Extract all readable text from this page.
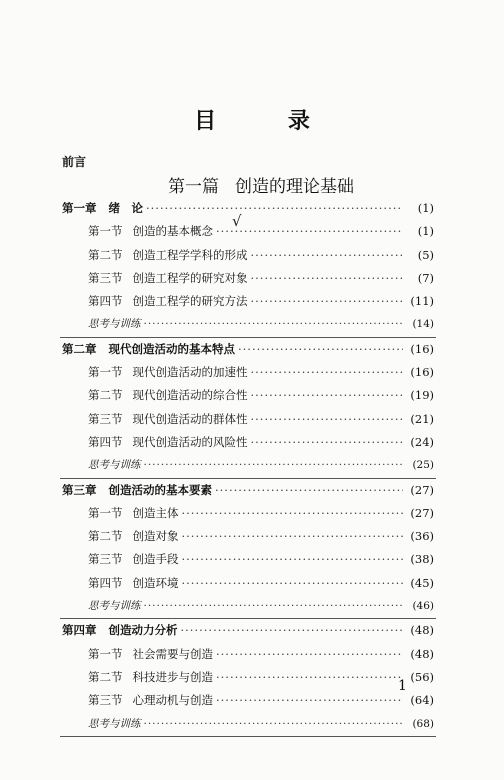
目 录
前言
第一篇 创造的理论基础
第一章 绪　论 ·····	(1)
第一节 创造的基本概念 ·····	(1)
第二节 创造工程学学科的形成 ·····	(5)
第三节 创造工程学的研究对象 ·····	(7)
第四节 创造工程学的研究方法 ·····	(11)
思考与训练 ·····	(14)
第二章 现代创造活动的基本特点 ·····	(16)
第一节 现代创造活动的加速性 ·····	(16)
第二节 现代创造活动的综合性 ·····	(19)
第三节 现代创造活动的群体性 ·····	(21)
第四节 现代创造活动的风险性 ·····	(24)
思考与训练 ·····	(25)
第三章 创造活动的基本要素 ·····	(27)
第一节 创造主体 ·····	(27)
第二节 创造对象 ·····	(36)
第三节 创造手段 ·····	(38)
第四节 创造环境 ·····	(45)
思考与训练 ·····	(46)
第四章 创造动力分析 ·····	(48)
第一节 社会需要与创造 ·····	(48)
第二节 科技进步与创造 ·····	(56)
第三节 心理动机与创造 ·····	(64)
思考与训练 ·····	(68)
√
1
